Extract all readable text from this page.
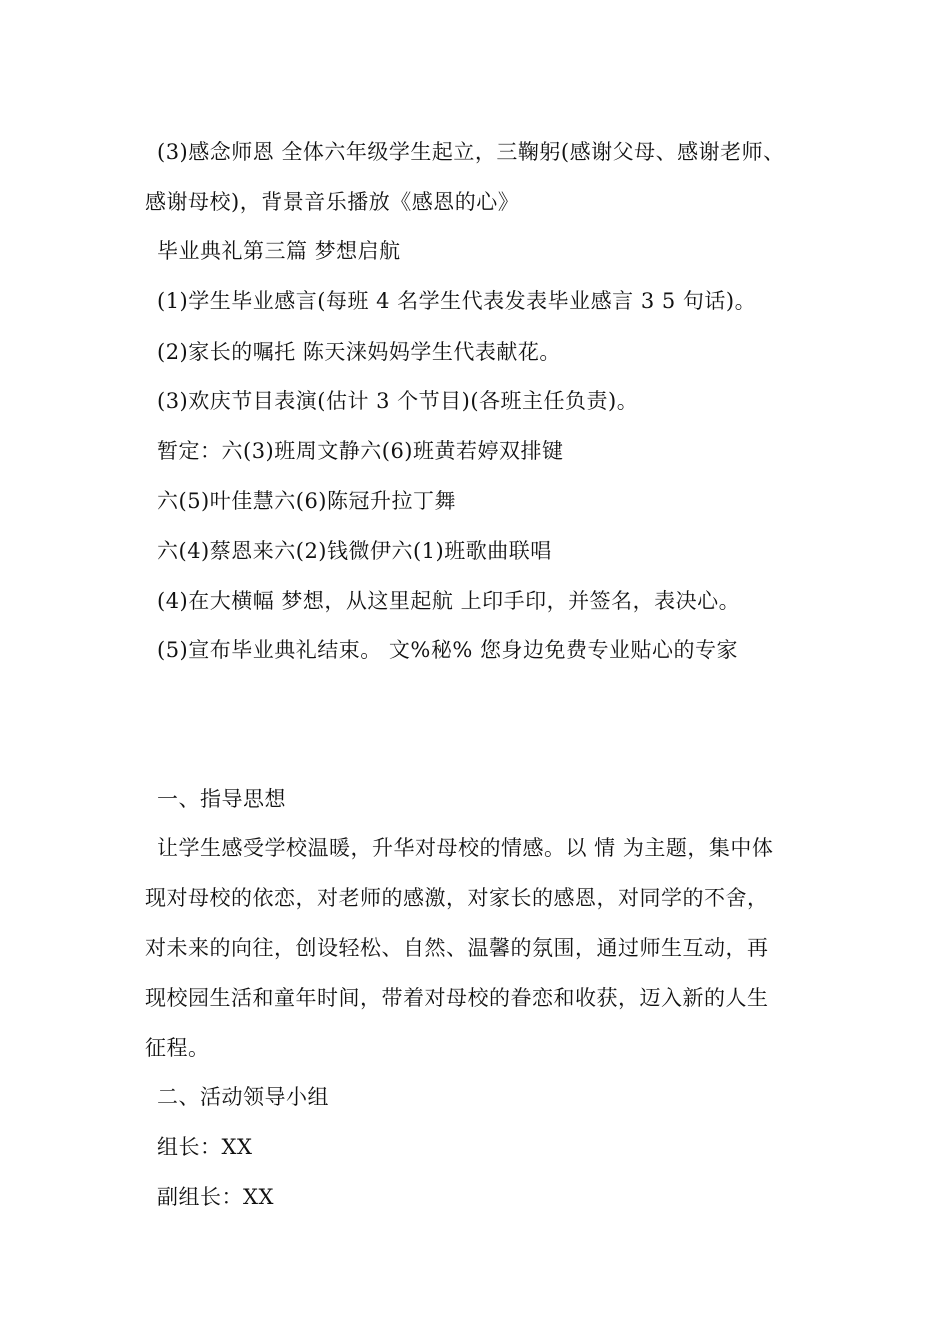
(3)感念师恩 全体六年级学生起立，三鞠躬(感谢父母、感谢老师、
感谢母校)，背景音乐播放《感恩的心》
毕业典礼第三篇 梦想启航
(1)学生毕业感言(每班 4 名学生代表发表毕业感言 3 5 句话)。
(2)家长的嘱托 陈天涞妈妈学生代表献花。
(3)欢庆节目表演(估计 3 个节目)(各班主任负责)。
暂定：六(3)班周文静六(6)班黄若婷双排键
六(5)叶佳慧六(6)陈冠升拉丁舞
六(4)蔡恩来六(2)钱微伊六(1)班歌曲联唱
(4)在大横幅 梦想，从这里起航 上印手印，并签名，表决心。
(5)宣布毕业典礼结束。 文%秘% 您身边免费专业贴心的专家
一、指导思想
让学生感受学校温暖，升华对母校的情感。以 情 为主题，集中体
现对母校的依恋，对老师的感激，对家长的感恩，对同学的不舍，
对未来的向往，创设轻松、自然、温馨的氛围，通过师生互动，再
现校园生活和童年时间，带着对母校的眷恋和收获，迈入新的人生
征程。
二、活动领导小组
组长：XX
副组长：XX
